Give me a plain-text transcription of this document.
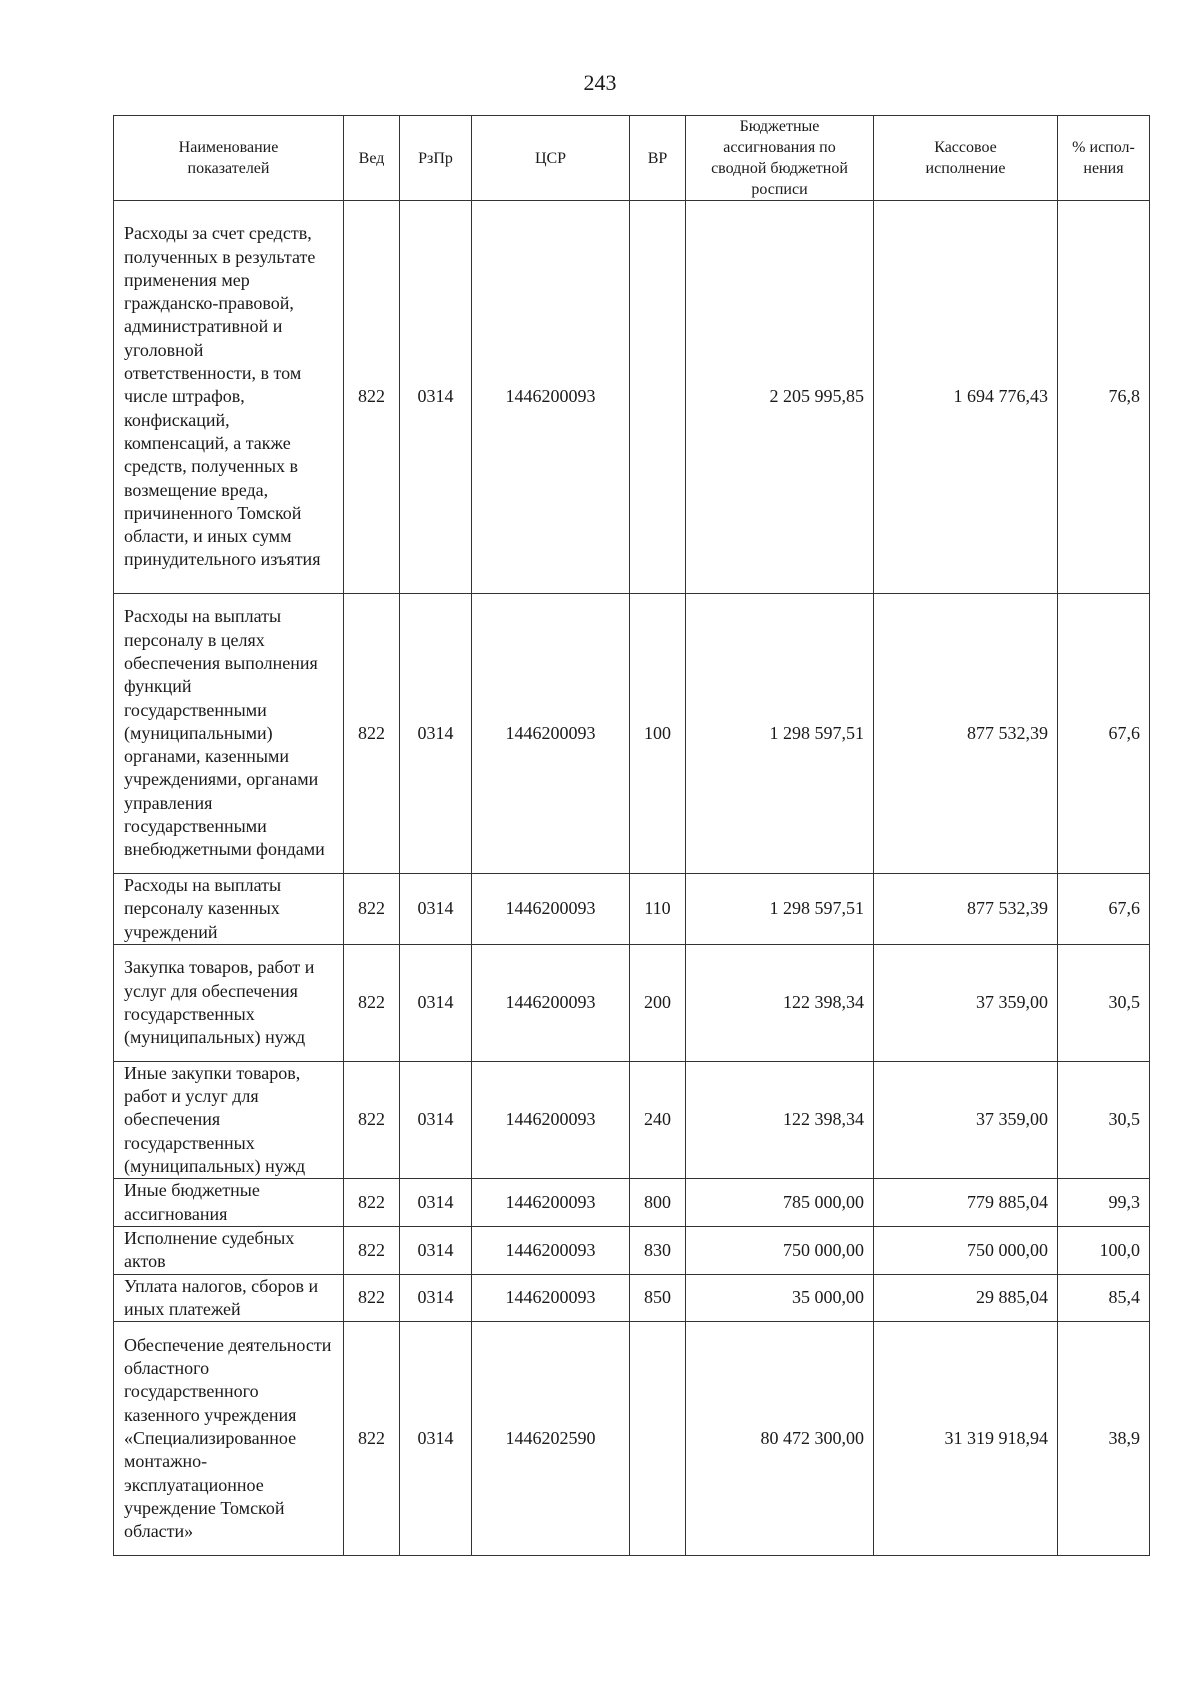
243
Наименование показателей	Вед	РзПр	ЦСР	ВР	Бюджетные ассигнования по сводной бюджетной росписи	Кассовое исполнение	% испол-нения
Расходы за счет средств, полученных в результате применения мер гражданско-правовой, административной и уголовной ответственности, в том числе штрафов, конфискаций, компенсаций, а также средств, полученных в возмещение вреда, причиненного Томской области, и иных сумм принудительного изъятия	822	0314	1446200093		2 205 995,85	1 694 776,43	76,8
Расходы на выплаты персоналу в целях обеспечения выполнения функций государственными (муниципальными) органами, казенными учреждениями, органами управления государственными внебюджетными фондами	822	0314	1446200093	100	1 298 597,51	877 532,39	67,6
Расходы на выплаты персоналу казенных учреждений	822	0314	1446200093	110	1 298 597,51	877 532,39	67,6
Закупка товаров, работ и услуг для обеспечения государственных (муниципальных) нужд	822	0314	1446200093	200	122 398,34	37 359,00	30,5
Иные закупки товаров, работ и услуг для обеспечения государственных (муниципальных) нужд	822	0314	1446200093	240	122 398,34	37 359,00	30,5
Иные бюджетные ассигнования	822	0314	1446200093	800	785 000,00	779 885,04	99,3
Исполнение судебных актов	822	0314	1446200093	830	750 000,00	750 000,00	100,0
Уплата налогов, сборов и иных платежей	822	0314	1446200093	850	35 000,00	29 885,04	85,4
Обеспечение деятельности областного государственного казенного учреждения «Специализированное монтажно-эксплуатационное учреждение Томской области»	822	0314	1446202590		80 472 300,00	31 319 918,94	38,9
